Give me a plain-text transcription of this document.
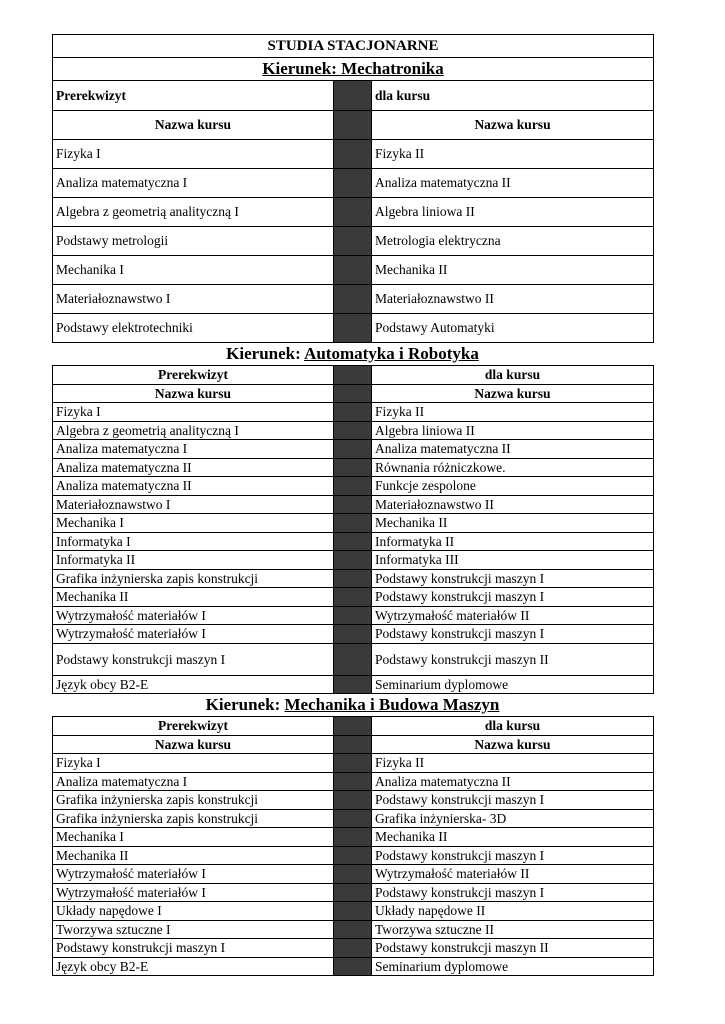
STUDIA STACJONARNE		
Kierunek: Mechatronika		
Prerekwizyt		dla kursu
Nazwa kursu		Nazwa kursu
Fizyka I		Fizyka II
Analiza matematyczna I		Analiza matematyczna II
Algebra z geometrią analityczną I		Algebra liniowa II
Podstawy metrologii		Metrologia elektryczna
Mechanika I		Mechanika II
Materiałoznawstwo I		Materiałoznawstwo II
Podstawy elektrotechniki		Podstawy Automatyki
Kierunek: Automatyka i Robotyka
Prerekwizyt		dla kursu
Nazwa kursu		Nazwa kursu
Fizyka I		Fizyka II
Algebra z geometrią analityczną I		Algebra liniowa II
Analiza matematyczna I		Analiza matematyczna II
Analiza matematyczna II		Równania różniczkowe.
Analiza matematyczna II		Funkcje zespolone
Materiałoznawstwo I		Materiałoznawstwo II
Mechanika I		Mechanika II
Informatyka I		Informatyka II
Informatyka II		Informatyka III
Grafika inżynierska zapis konstrukcji		Podstawy konstrukcji maszyn I
Mechanika II		Podstawy konstrukcji maszyn I
Wytrzymałość materiałów I		Wytrzymałość materiałów II
Wytrzymałość materiałów I		Podstawy konstrukcji maszyn I
Podstawy konstrukcji maszyn I		Podstawy konstrukcji maszyn II
Język obcy B2-E		Seminarium dyplomowe
Kierunek: Mechanika i Budowa Maszyn
Prerekwizyt		dla kursu
Nazwa kursu		Nazwa kursu
Fizyka I		Fizyka II
Analiza matematyczna I		Analiza matematyczna II
Grafika inżynierska zapis konstrukcji		Podstawy konstrukcji maszyn I
Grafika inżynierska zapis konstrukcji		Grafika inżynierska- 3D
Mechanika I		Mechanika II
Mechanika II		Podstawy konstrukcji maszyn I
Wytrzymałość materiałów I		Wytrzymałość materiałów II
Wytrzymałość materiałów I		Podstawy konstrukcji maszyn I
Układy napędowe I		Układy napędowe II
Tworzywa sztuczne I		Tworzywa sztuczne II
Podstawy konstrukcji maszyn I		Podstawy konstrukcji maszyn II
Język obcy B2-E		Seminarium dyplomowe
